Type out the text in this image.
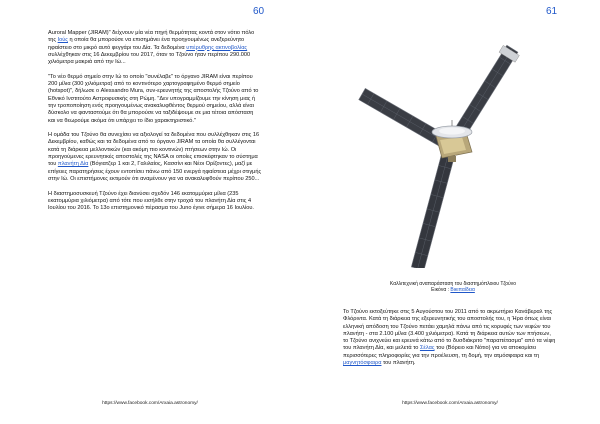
60

Auroral Mapper (JIRAM)" δείχνουν μία νέα πηγή θερμότητας κοντά στον νότιο πόλο της Ιούς η οποία θα μπορούσε να επισημάνει ένα προηγουμένως ανεξερεύνητο ηφαίστειο στο μικρό αυτό φεγγάρι του Δία. Τα δεδομένα υπέρυθρης ακτινοβολίας συλλέχθηκαν στις 16 Δεκεμβρίου του 2017, όταν το Τζούνο ήταν περίπου 290.000 χιλιόμετρα μακριά από την Ιώ...

"Το νέο θερμό σημείο στην Ιώ το οποίο "συνέλαβε" το όργανο JIRAM είναι περίπου 200 μίλια (300 χιλιόμετρα) από το κοντινότερο χαρτογραφημένο θερμό σημείο (hotspot)", δήλωσε ο Alessandro Mura, συν-ερευνητής της αποστολής Τζούνο από το Εθνικό Ινστιτούτο Αστροφυσικής στη Ρώμη. "Δεν υπογραμμίζουμε την κίνηση μιας ή την τροποποίηση ενός προηγουμένως ανακαλυφθέντος θερμού σημείου, αλλά είναι δύσκολο να φανταστούμε ότι θα μπορούσε να ταξιδέψουμε σε μια τέτοια απόσταση και να θεωρούμε ακόμα ότι υπάρχει το ίδιο χαρακτηριστικό."

Η ομάδα του Τζούνο θα συνεχίσει να αξιολογεί τα δεδομένα που συλλέχθηκαν στις 16 Δεκεμβρίου, καθώς και τα δεδομένα από το όργανο JIRAM τα οποία θα συλλέγονται κατά τη διάρκεια μελλοντικών (και ακόμη πιο κοντινών) πτήσεων στην Ιώ. Οι προηγούμενες ερευνητικές αποστολές της NASA οι οποίες επισκέφτηκαν το σύστημα του πλανήτη Δία (Βόγιατζερ 1 και 2, Γαλιλαίος, Κασσίνι και Νέοι Ορίζοντες), μαζί με επίγειες παρατηρήσεις έχουν εντοπίσει πάνω από 150 ενεργά ηφαίστεια μέχρι στιγμής στην Ιώ. Οι επιστήμονες εκτιμούν ότι αναμένουν για να ανακαλυφθούν περίπου 250...

Η διαστημοσυσκευή Τζούνο έχει διανύσει σχεδόν 146 εκατομμύρια μίλια (235 εκατομμύρια χιλιόμετρα) από τότε που εισήλθε στην τροχιά του πλανήτη Δία στις 4 Ιουλίου του 2016. Το 13ο επιστημονικό πέρασμα του Juno έγινε σήμερα 16 Ιουλίου.

https://www.facebook.com/Arxaia.astronomy/
61
Καλλιτεχνική αναπαράσταση του διαστημόπλοιου Τζούνο
Εικόνα : Βικιπαίδεια

Το Τζούνο εκτοξεύτηκε στις 5 Αυγούστου του 2011 από το ακρωτήριο Κανάβεραλ της Φλόριντα. Κατά τη διάρκεια της εξερευνητικής του αποστολής του, η Ήρα όπως είναι ελληνική απόδοση του Τζούνο πετάει χαμηλά πάνω από τις κορυφές των νεφών του πλανήτη - στα 2.100 μίλια (3.400 χιλιόμετρα). Κατά τη διάρκεια αυτών των πτήσεων, το Τζούνο ανιχνεύει και ερευνά κάτω από το δυσδιάκριτο "παραπέτασμα" από τα νέφη του πλανήτη Δία, και μελετά το Σέλας του (Βόρειο και Νότιο) για να αποκομίσει περισσότερες πληροφορίες για την προέλευση, τη δομή, την ατμόσφαιρα και τη μαγνητόσφαιρα του πλανήτη.

https://www.facebook.com/Arxaia.astronomy/
